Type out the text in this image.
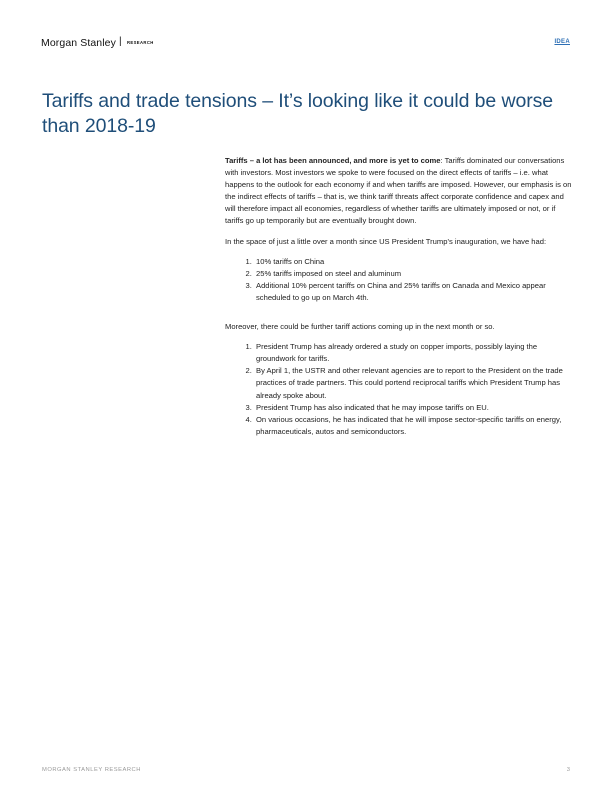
Morgan Stanley | RESEARCH	IDEA
Tariffs and trade tensions – It’s looking like it could be worse than 2018-19

Tariffs – a lot has been announced, and more is yet to come: Tariffs dominated our conversations with investors. Most investors we spoke to were focused on the direct effects of tariffs – i.e. what happens to the outlook for each economy if and when tariffs are imposed. However, our emphasis is on the indirect effects of tariffs – that is, we think tariff threats affect corporate confidence and capex and will therefore impact all economies, regardless of whether tariffs are ultimately imposed or not, or if tariffs go up temporarily but are eventually brought down.

In the space of just a little over a month since US President Trump’s inauguration, we have had:

1. 10% tariffs on China
2. 25% tariffs imposed on steel and aluminum
3. Additional 10% percent tariffs on China and 25% tariffs on Canada and Mexico appear scheduled to go up on March 4th.

Moreover, there could be further tariff actions coming up in the next month or so.

1. President Trump has already ordered a study on copper imports, possibly laying the groundwork for tariffs.
2. By April 1, the USTR and other relevant agencies are to report to the President on the trade practices of trade partners. This could portend reciprocal tariffs which President Trump has already spoke about.
3. President Trump has also indicated that he may impose tariffs on EU.
4. On various occasions, he has indicated that he will impose sector-specific tariffs on energy, pharmaceuticals, autos and semiconductors.
MORGAN STANLEY RESEARCH	3
